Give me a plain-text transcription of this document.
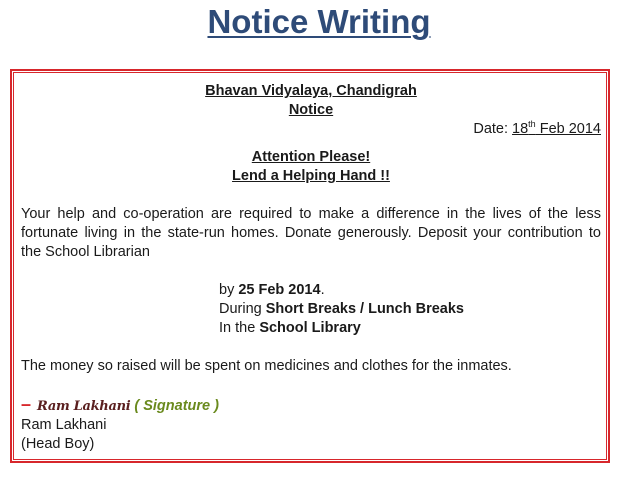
Notice Writing
Bhavan Vidyalaya, Chandigrah
Notice
Date: 18th Feb 2014
Attention Please!
Lend a Helping Hand !!
Your help and co-operation are required to make a difference in the lives of the less fortunate living in the state-run homes. Donate generously. Deposit your contribution to the School Librarian
by 25 Feb 2014.
During Short Breaks / Lunch Breaks
In the School Library
The money so raised will be spent on medicines and clothes for the inmates.
– Ram Lakhani ( Signature )
Ram Lakhani
(Head Boy)
